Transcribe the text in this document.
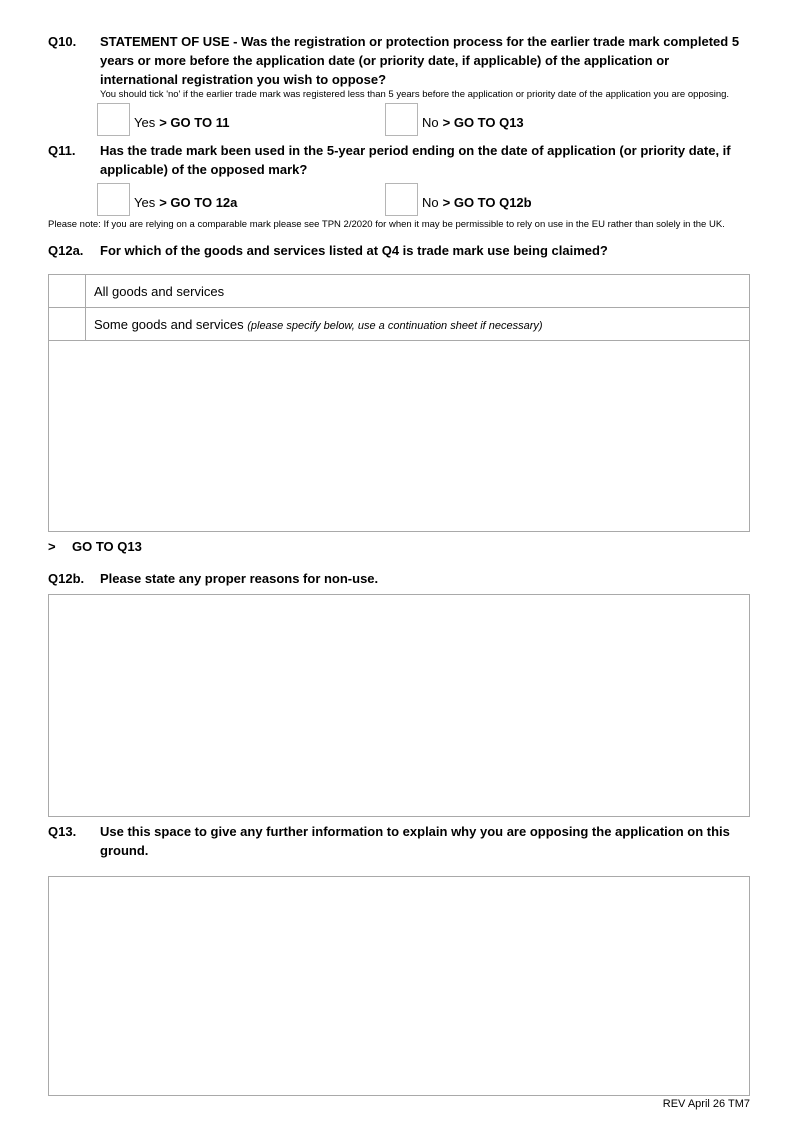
Q10.	STATEMENT OF USE - Was the registration or protection process for the earlier trade mark completed 5 years or more before the application date (or priority date, if applicable) of the application or international registration you wish to oppose?
You should tick 'no' if the earlier trade mark was registered less than 5 years before the application or priority date of the application you are opposing.
Yes > GO TO 11	No > GO TO Q13
Q11.	Has the trade mark been used in the 5-year period ending on the date of application (or priority date, if applicable) of the opposed mark?
Yes > GO TO 12a	No > GO TO Q12b
Please note: If you are relying on a comparable mark please see TPN 2/2020 for when it may be permissible to rely on use in the EU rather than solely in the UK.
Q12a.	For which of the goods and services listed at Q4 is trade mark use being claimed?
	All goods and services
	Some goods and services (please specify below, use a continuation sheet if necessary)

>	GO TO Q13
Q12b.	Please state any proper reasons for non-use.
Q13.	Use this space to give any further information to explain why you are opposing the application on this ground.
REV April 26 TM7
